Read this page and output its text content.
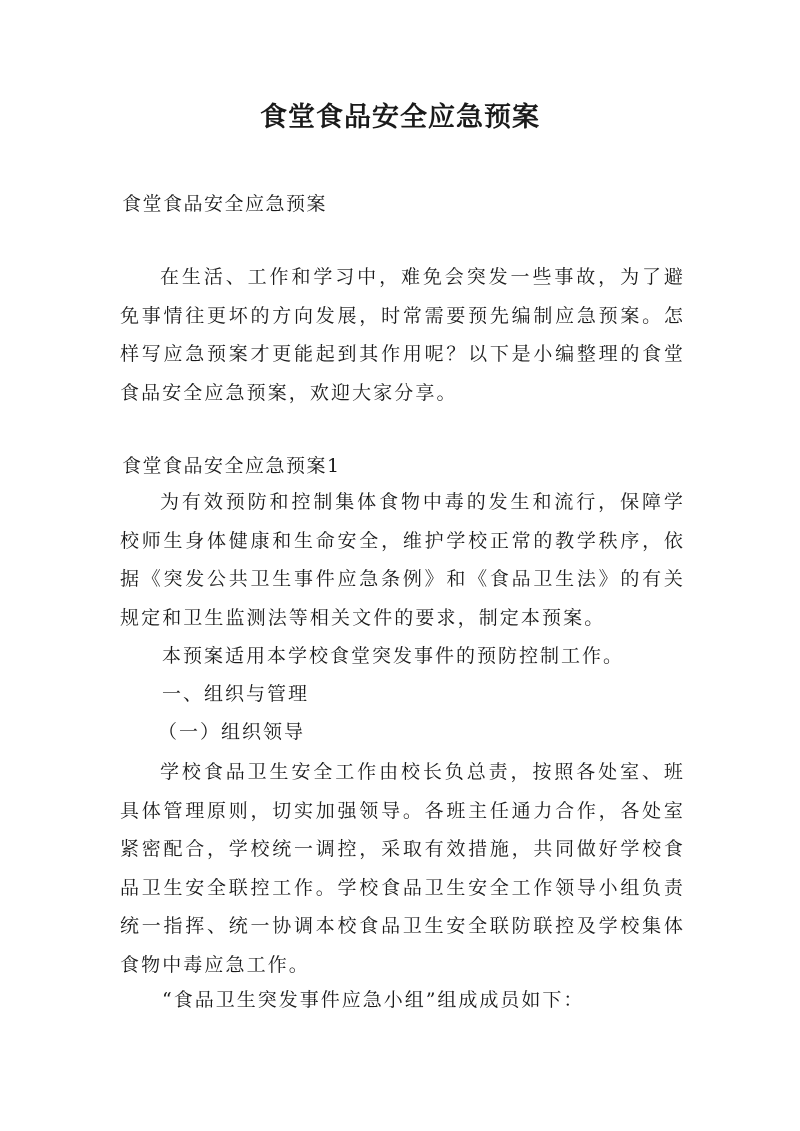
食堂食品安全应急预案
食堂食品安全应急预案

在生活、工作和学习中，难免会突发一些事故，为了避免事情往更坏的方向发展，时常需要预先编制应急预案。怎样写应急预案才更能起到其作用呢？以下是小编整理的食堂食品安全应急预案，欢迎大家分享。

食堂食品安全应急预案1

为有效预防和控制集体食物中毒的发生和流行，保障学校师生身体健康和生命安全，维护学校正常的教学秩序，依据《突发公共卫生事件应急条例》和《食品卫生法》的有关规定和卫生监测法等相关文件的要求，制定本预案。

本预案适用本学校食堂突发事件的预防控制工作。
一、组织与管理
（一）组织领导

学校食品卫生安全工作由校长负总责，按照各处室、班具体管理原则，切实加强领导。各班主任通力合作，各处室紧密配合，学校统一调控，采取有效措施，共同做好学校食品卫生安全联控工作。学校食品卫生安全工作领导小组负责统一指挥、统一协调本校食品卫生安全联防联控及学校集体食物中毒应急工作。

“食品卫生突发事件应急小组”组成成员如下：
